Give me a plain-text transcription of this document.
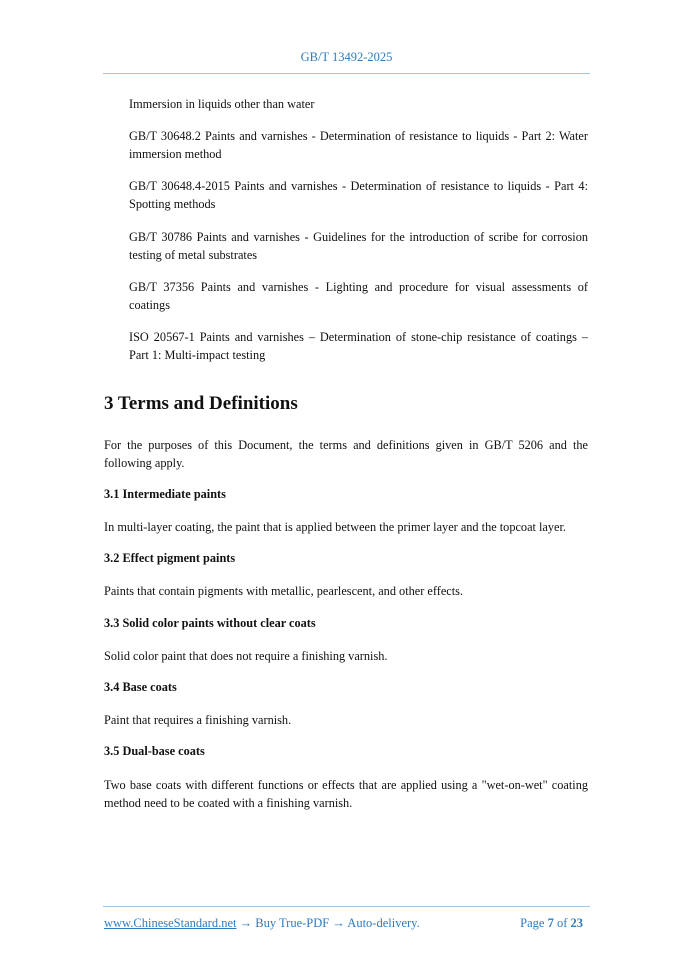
GB/T 13492-2025
Immersion in liquids other than water
GB/T 30648.2 Paints and varnishes - Determination of resistance to liquids - Part 2: Water immersion method
GB/T 30648.4-2015 Paints and varnishes - Determination of resistance to liquids - Part 4: Spotting methods
GB/T 30786 Paints and varnishes - Guidelines for the introduction of scribe for corrosion testing of metal substrates
GB/T 37356 Paints and varnishes - Lighting and procedure for visual assessments of coatings
ISO 20567-1 Paints and varnishes – Determination of stone-chip resistance of coatings – Part 1: Multi-impact testing
3 Terms and Definitions
For the purposes of this Document, the terms and definitions given in GB/T 5206 and the following apply.
3.1 Intermediate paints
In multi-layer coating, the paint that is applied between the primer layer and the topcoat layer.
3.2 Effect pigment paints
Paints that contain pigments with metallic, pearlescent, and other effects.
3.3 Solid color paints without clear coats
Solid color paint that does not require a finishing varnish.
3.4 Base coats
Paint that requires a finishing varnish.
3.5 Dual-base coats
Two base coats with different functions or effects that are applied using a "wet-on-wet" coating method need to be coated with a finishing varnish.
www.ChineseStandard.net → Buy True-PDF → Auto-delivery.	Page 7 of 23
